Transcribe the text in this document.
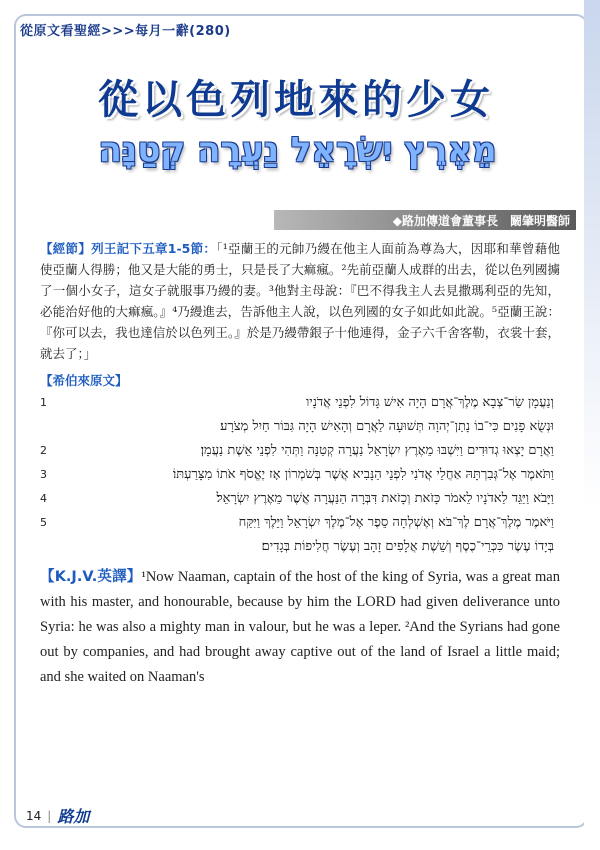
從原文看聖經>>>每月一辭(280)
從以色列地來的少女
מֵאֶרֶץ יִשְׂרָאֵל נַעֲרָה קְטַנָּה
◆路加傳道會董事長　闞肇明醫師

【經節】列王記下五章1-5節：「¹亞蘭王的元帥乃縵在他主人面前為尊為大，因耶和華曾藉他使亞蘭人得勝；他又是大能的勇士，只是長了大痲瘋。²先前亞蘭人成群的出去，從以色列國擄了一個小女子，這女子就服事乃縵的妻。³他對主母說：『巴不得我主人去見撒瑪利亞的先知，必能治好他的大痲瘋。』⁴乃縵進去，告訴他主人說，以色列國的女子如此如此說。⁵亞蘭王說：『你可以去，我也達信於以色列王。』於是乃縵帶銀子十他連得，金子六千舍客勒，衣裳十套，就去了；」

【希伯來原文】
1	וְנַעֲמָן שַׂר־צְבָא מֶלֶךְ־אֲרָם הָיָה אִישׁ גָּדוֹל לִפְנֵי אֲדֹנָיו
וּנְשֻׂא פָנִים כִּי־בוֹ נָתַן־יְהוָה תְּשׁוּעָה לַאֲרָם וְהָאִישׁ הָיָה גִּבּוֹר חַיִל מְצֹרָע׃
2	וַאֲרָם יָצְאוּ גְדוּדִים וַיִּשְׁבּוּ מֵאֶרֶץ יִשְׂרָאֵל נַעֲרָה קְטַנָּה וַתְּהִי לִפְנֵי אֵשֶׁת נַעֲמָן׃
3	וַתֹּאמֶר אֶל־גְּבִרְתָּהּ אַחֲלֵי אֲדֹנִי לִפְנֵי הַנָּבִיא אֲשֶׁר בְּשֹׁמְרוֹן אָז יֶאֱסֹף אֹתוֹ מִצָּרַעְתּוֹ׃
4	וַיָּבֹא וַיַּגֵּד לַאדֹנָיו לֵאמֹר כָּזֹאת וְכָזֹאת דִּבְּרָה הַנַּעֲרָה אֲשֶׁר מֵאֶרֶץ יִשְׂרָאֵל׃
5	וַיֹּאמֶר מֶלֶךְ־אֲרָם לֶךְ־בֹּא וְאֶשְׁלְחָה סֵפֶר אֶל־מֶלֶךְ יִשְׂרָאֵל וַיֵּלֶךְ וַיִּקַּח
בְּיָדוֹ עֶשֶׂר כִּכְּרֵי־כֶסֶף וְשֵׁשֶׁת אֲלָפִים זָהָב וְעֶשֶׂר חֲלִיפוֹת בְּגָדִים׃

【K.J.V.英譯】¹Now Naaman, captain of the host of the king of Syria, was a great man with his master, and honourable, because by him the LORD had given deliverance unto Syria: he was also a mighty man in valour, but he was a leper. ²And the Syrians had gone out by companies, and had brought away captive out of the land of Israel a little maid; and she waited on Naaman's

14 | 路加
